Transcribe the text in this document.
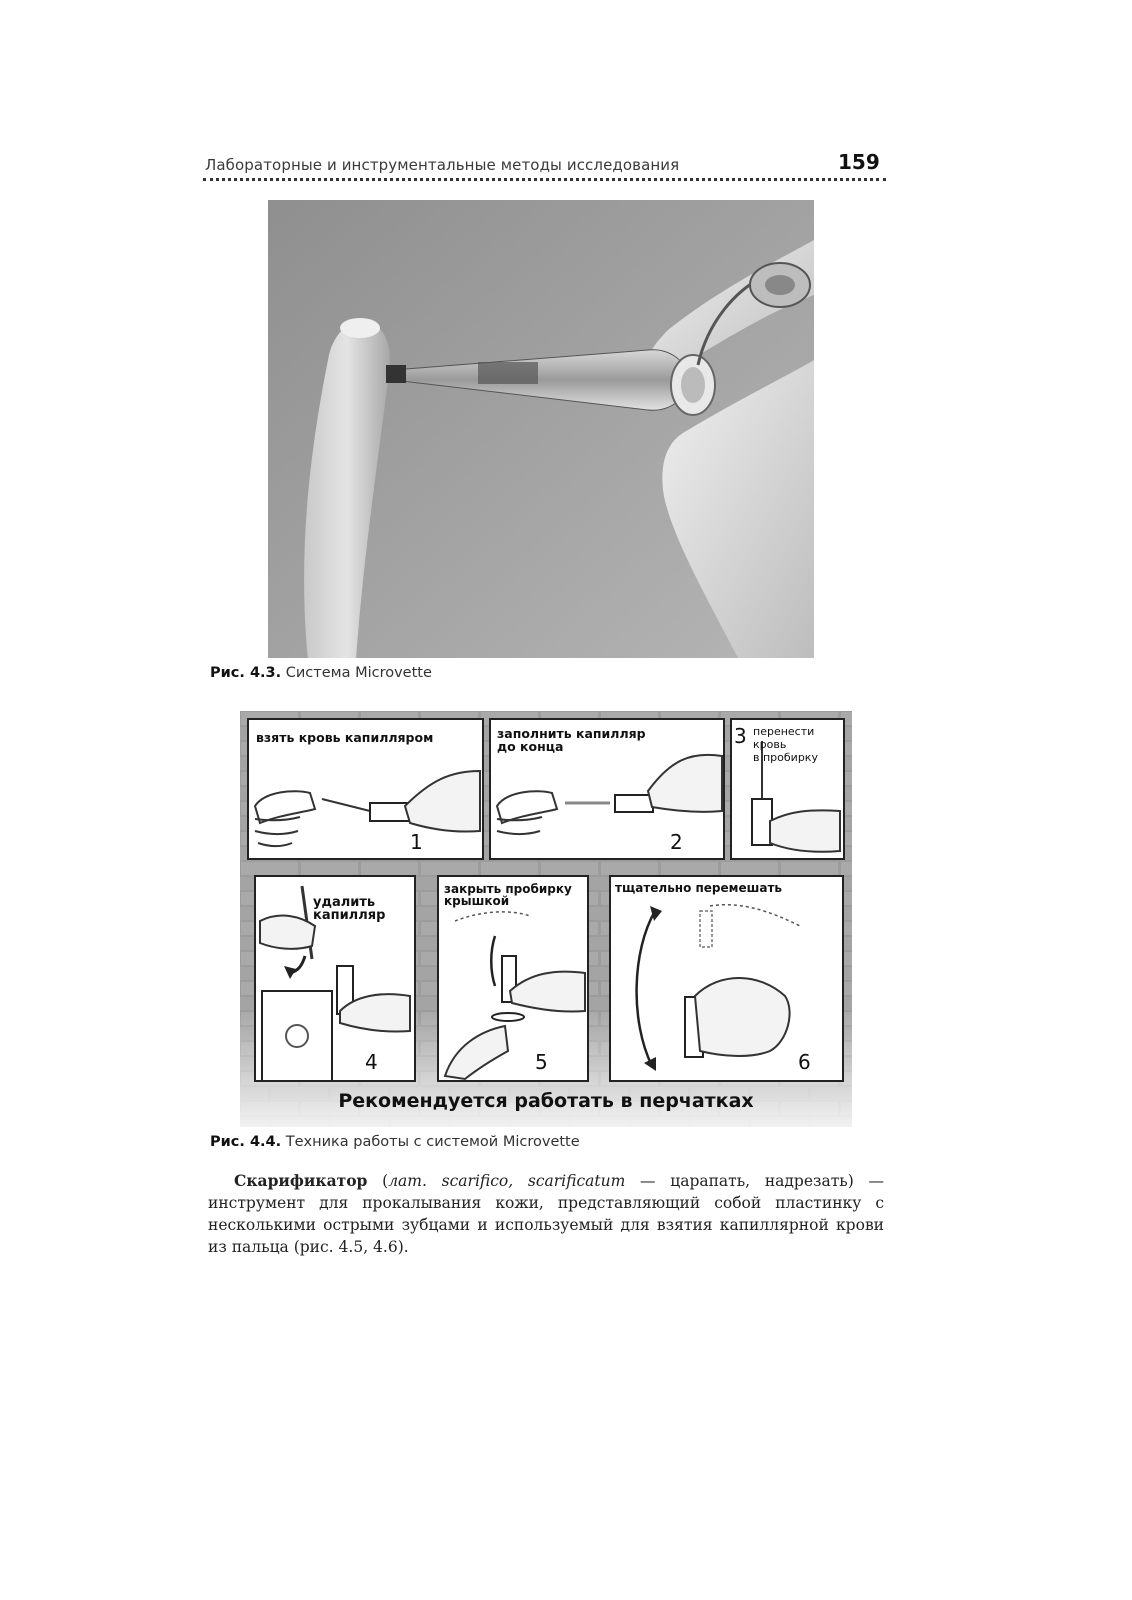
Лабораторные и инструментальные методы исследования	159
Рис. 4.3. Система Microvette
взять кровь капилляром
1
заполнить капилляр
до конца
2
3 перенести
кровь
в пробирку
удалить
капилляр
4
закрыть пробирку
крышкой
5
тщательно перемешать
6
Рекомендуется работать в перчатках
Рис. 4.4. Техника работы с системой Microvette
Скарификатор (лат. scarifico, scarificatum — царапать, надрезать) — инструмент для прокалывания кожи, представляющий собой пластинку с несколькими острыми зубцами и используемый для взятия капиллярной крови из пальца (рис. 4.5, 4.6).
